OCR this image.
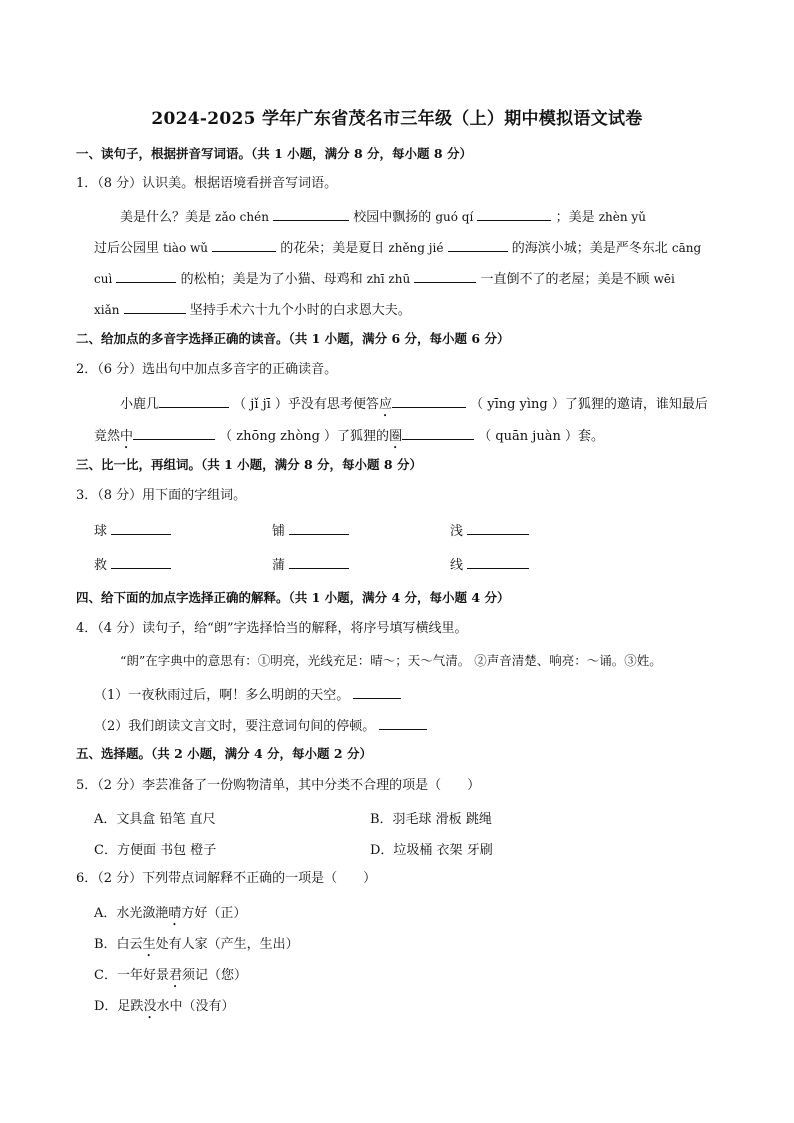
2024-2025 学年广东省茂名市三年级（上）期中模拟语文试卷
一、读句子，根据拼音写词语。（共 1 小题，满分 8 分，每小题 8 分）
1．（8 分）认识美。根据语境看拼音写词语。
美是什么？美是 zǎo chén	校园中飘扬的 guó qí	；美是 zhèn yǔ
过后公园里 tiào wǔ	的花朵；美是夏日 zhěng jié	的海滨小城；美是严冬东北 cāng
cuì	的松柏；美是为了小猫、母鸡和 zhī zhū	一直倒不了的老屋；美是不顾 wēi
xiǎn	坚持手术六十九个小时的白求恩大夫。
二、给加点的多音字选择正确的读音。（共 1 小题，满分 6 分，每小题 6 分）
2．（6 分）选出句中加点多音字的正确读音。
小鹿几	（ jǐ jī ）乎没有思考便答应	（ yīng yìng ）了狐狸的邀请，谁知最后
竟然中	（ zhōng zhòng ）了狐狸的圈	（ quān juàn ）套。
三、比一比，再组词。（共 1 小题，满分 8 分，每小题 8 分）
3．（8 分）用下面的字组词。
球	铺	浅
救	蒲	线
四、给下面的加点字选择正确的解释。（共 1 小题，满分 4 分，每小题 4 分）
4．（4 分）读句子，给“朗”字选择恰当的解释，将序号填写横线里。
“朗”在字典中的意思有：①明亮，光线充足：晴～；天～气清。 ②声音清楚、响亮：～诵。③姓。
（1）一夜秋雨过后，啊！多么明朗的天空。
（2）我们朗读文言文时，要注意词句间的停顿。
五、选择题。（共 2 小题，满分 4 分，每小题 2 分）
5．（2 分）李芸准备了一份购物清单，其中分类不合理的项是（　　）
A．文具盒 铅笔 直尺	B．羽毛球 滑板 跳绳
C．方便面 书包 橙子	D．垃圾桶 衣架 牙刷
6．（2 分）下列带点词解释不正确的一项是（　　）
A．水光潋滟晴方好（正）
B．白云生处有人家（产生，生出）
C．一年好景君须记（您）
D．足跌没水中（没有）
